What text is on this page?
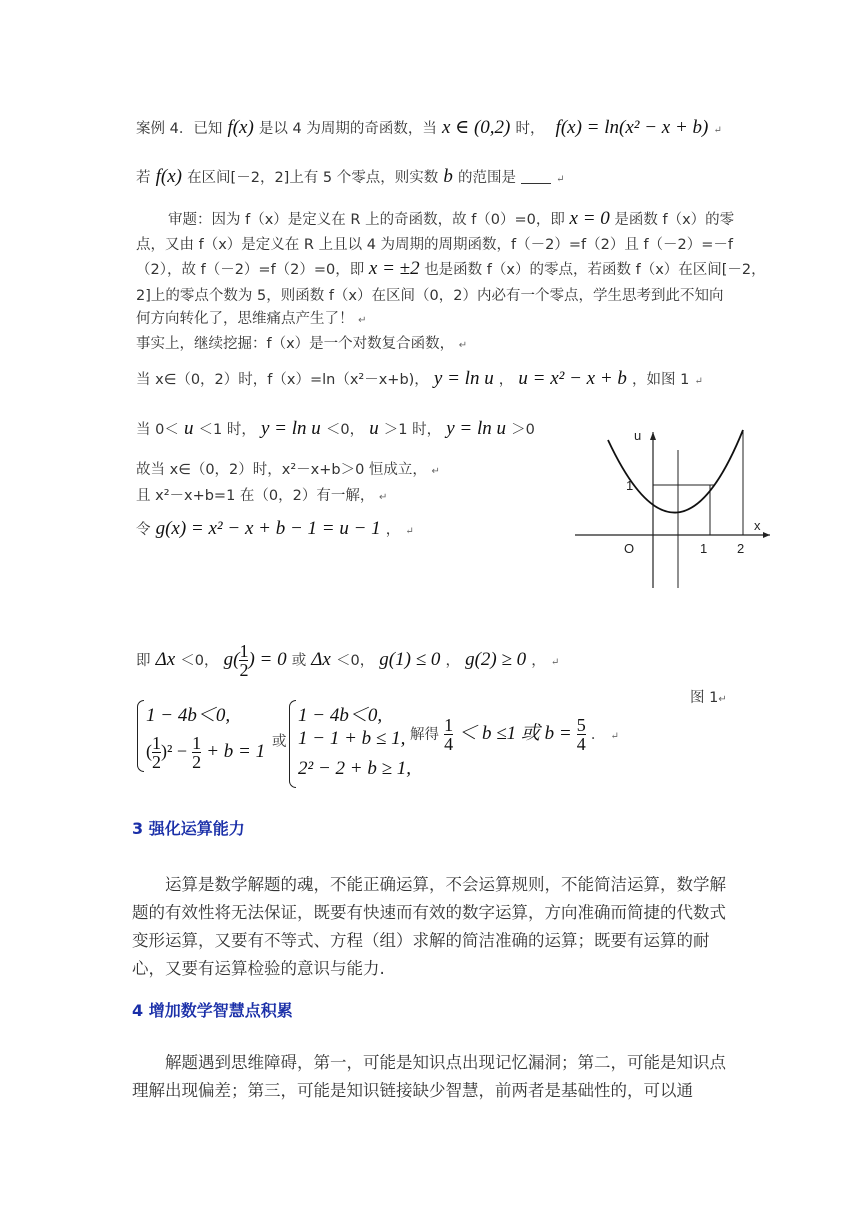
案例 4．已知 f(x) 是以 4 为周期的奇函数，当 x ∈ (0,2) 时， f(x) = ln(x² − x + b) ↵
若 f(x) 在区间[－2，2]上有 5 个零点，则实数 b 的范围是	↵
审题：因为 f（x）是定义在 R 上的奇函数，故 f（0）=0，即 x = 0 是函数 f（x）的零
点，又由 f（x）是定义在 R 上且以 4 为周期的周期函数，f（－2）=f（2）且 f（－2）=－f
（2），故 f（－2）=f（2）=0，即 x = ±2 也是函数 f（x）的零点，若函数 f（x）在区间[－2，
2]上的零点个数为 5，则函数 f（x）在区间（0，2）内必有一个零点，学生思考到此不知向
何方向转化了，思维痛点产生了！ ↵
事实上，继续挖掘：f（x）是一个对数复合函数， ↵
当 x∈（0，2）时，f（x）=ln（x²－x+b)， y = ln u ， u = x² − x + b ，如图 1 ↵
当 0＜ u ＜1 时， y = ln u ＜0， u ＞1 时， y = ln u ＞0
故当 x∈（0，2）时，x²－x+b＞0 恒成立， ↵
且 x²－x+b=1 在（0，2）有一解， ↵
令 g(x) = x² − x + b − 1 = u − 1 ， ↵
u
1
x
O	1 2
即 Δx ＜0， $g( \frac{1}{2}$ ) = 0 或 Δx ＜0， g(1) ≤ 0 ， g(2) ≥ 0 ， ↵
图 1↵
1 − 4b＜0,
( $\frac{1}{2} )^2 - \frac{1}{2} + b = 1$ 或
1 − 4b＜0,
1 − 1 + b ≤ 1,
2² − 2 + b ≥ 1,
解得 $\frac{1}{4} < b \le 1$ 或 $b = \frac{5}{4}$ ． ↵
3 强化运算能力
运算是数学解题的魂，不能正确运算，不会运算规则，不能简洁运算，数学解题的有效性将无法保证，既要有快速而有效的数字运算，方向准确而简捷的代数式变形运算，又要有不等式、方程（组）求解的简洁准确的运算；既要有运算的耐心，又要有运算检验的意识与能力.
4 增加数学智慧点积累
解题遇到思维障碍，第一，可能是知识点出现记忆漏洞；第二，可能是知识点理解出现偏差；第三，可能是知识链接缺少智慧，前两者是基础性的，可以通
